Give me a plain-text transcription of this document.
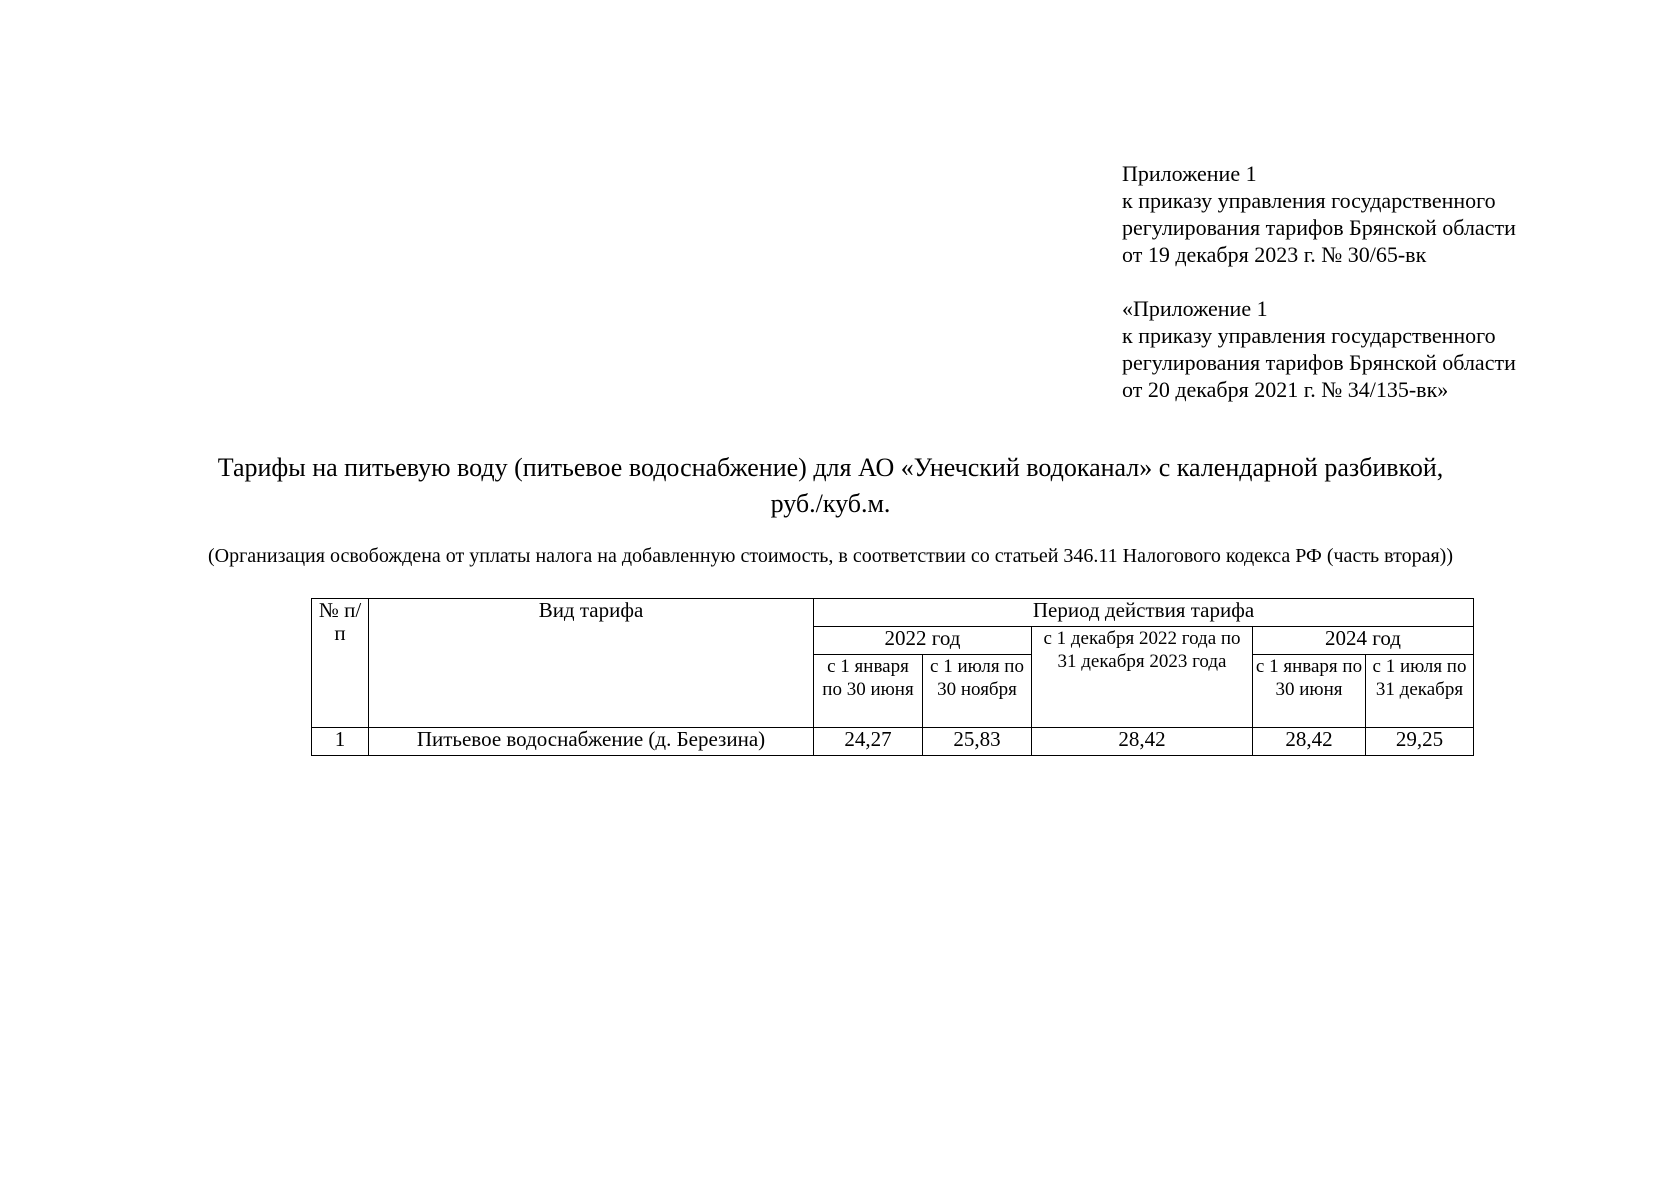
Приложение 1
к приказу управления государственного
регулирования тарифов Брянской области
от 19 декабря 2023 г. № 30/65-вк
«Приложение 1
к приказу управления государственного
регулирования тарифов Брянской области
от 20 декабря 2021 г. № 34/135-вк»
Тарифы на питьевую воду (питьевое водоснабжение) для АО «Унечский водоканал» с календарной разбивкой,
руб./куб.м.
(Организация освобождена от уплаты налога на добавленную стоимость, в соответствии со статьей 346.11 Налогового кодекса РФ (часть вторая))
№ п/п	Вид тарифа	Период действия тарифа				
		2022 год		с 1 декабря 2022 года по 31 декабря 2023 года	2024 год	
		с 1 января по 30 июня	с 1 июля по 30 ноября		с 1 января по 30 июня	с 1 июля по 31 декабря
1	Питьевое водоснабжение (д. Березина)	24,27	25,83	28,42	28,42	29,25
